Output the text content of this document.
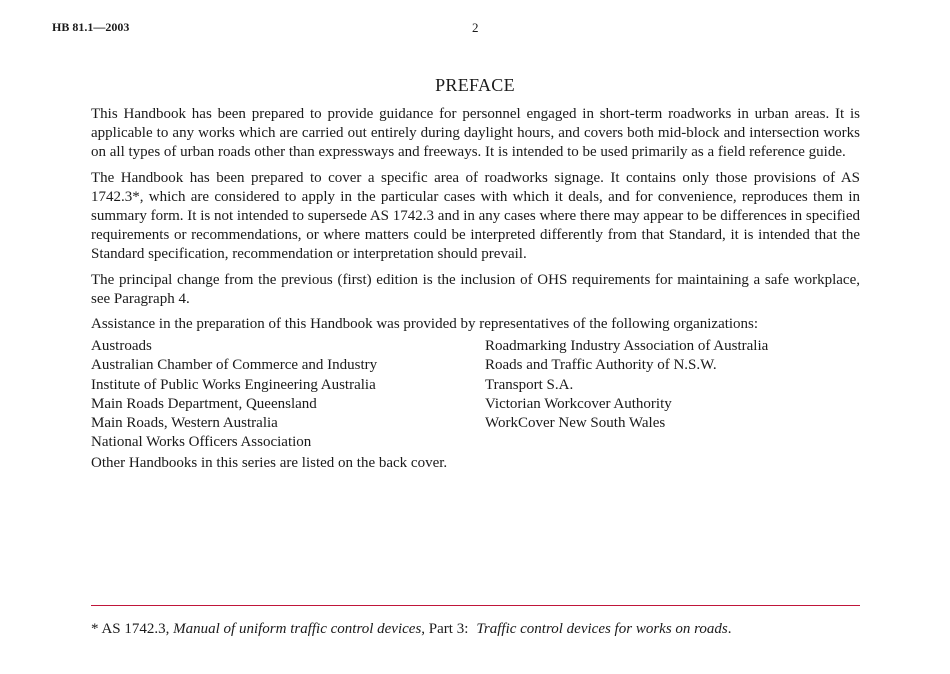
HB 81.1—2003	2
PREFACE

This Handbook has been prepared to provide guidance for personnel engaged in short-term roadworks in urban areas. It is applicable to any works which are carried out entirely during daylight hours, and covers both mid-block and intersection works on all types of urban roads other than expressways and freeways. It is intended to be used primarily as a field reference guide.

The Handbook has been prepared to cover a specific area of roadworks signage. It contains only those provisions of AS 1742.3*, which are considered to apply in the particular cases with which it deals, and for convenience, reproduces them in summary form. It is not intended to supersede AS 1742.3 and in any cases where there may appear to be differences in specified requirements or recommendations, or where matters could be interpreted differently from that Standard, it is intended that the Standard specification, recommendation or interpretation should prevail.

The principal change from the previous (first) edition is the inclusion of OHS requirements for maintaining a safe workplace, see Paragraph 4.

Assistance in the preparation of this Handbook was provided by representatives of the following organizations:

Austroads
Australian Chamber of Commerce and Industry
Institute of Public Works Engineering Australia
Main Roads Department, Queensland
Main Roads, Western Australia
National Works Officers Association
Roadmarking Industry Association of Australia
Roads and Traffic Authority of N.S.W.
Transport S.A.
Victorian Workcover Authority
WorkCover New South Wales

Other Handbooks in this series are listed on the back cover.

* AS 1742.3, Manual of uniform traffic control devices, Part 3: Traffic control devices for works on roads.
